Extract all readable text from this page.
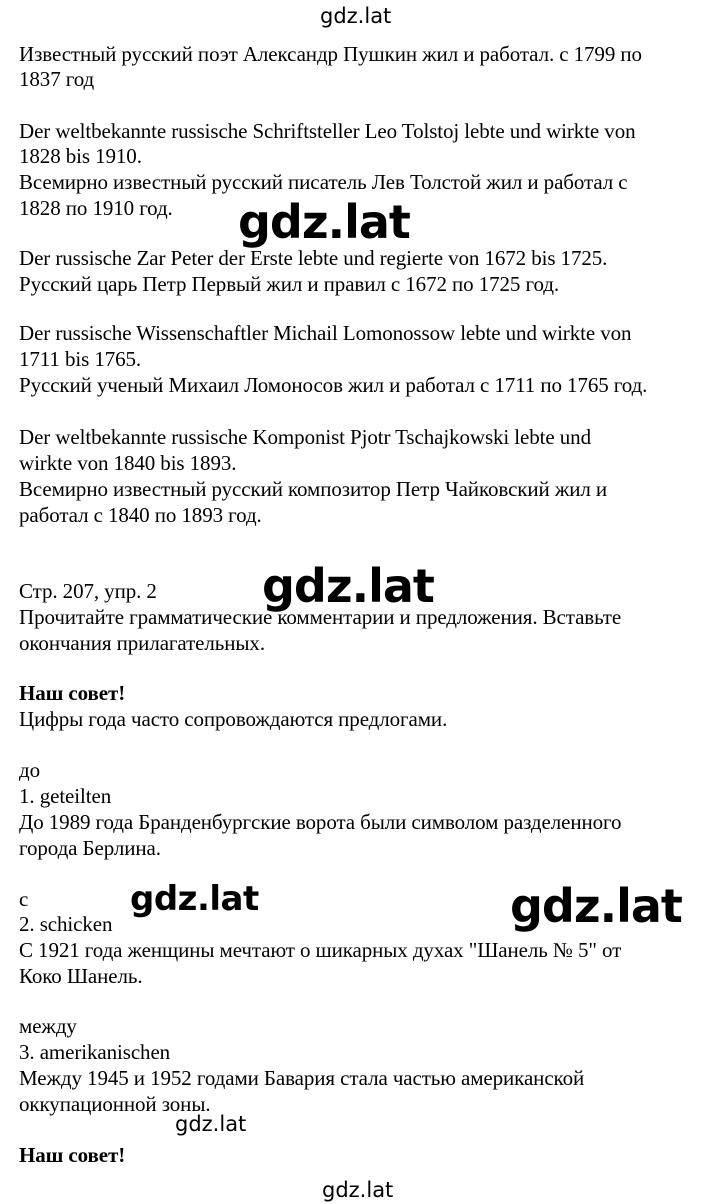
Известный русский поэт Александр Пушкин жил и работал. с 1799 по
1837 год
Der weltbekannte russische Schriftsteller Leo Tolstoj lebte und wirkte von
1828 bis 1910.
Всемирно известный русский писатель Лев Толстой жил и работал с
1828 по 1910 год.
Der russische Zar Peter der Erste lebte und regierte von 1672 bis 1725.
Русский царь Петр Первый жил и правил с 1672 по 1725 год.
Der russische Wissenschaftler Michail Lomonossow lebte und wirkte von
1711 bis 1765.
Русский ученый Михаил Ломоносов жил и работал с 1711 по 1765 год.
Der weltbekannte russische Komponist Pjotr Tschajkowski lebte und
wirkte von 1840 bis 1893.
Всемирно известный русский композитор Петр Чайковский жил и
работал с 1840 по 1893 год.
Стр. 207, упр. 2
Прочитайте грамматические комментарии и предложения. Вставьте
окончания прилагательных.
Наш совет!
Цифры года часто сопровождаются предлогами.
до
1. geteilten
До 1989 года Бранденбургские ворота были символом разделенного
города Берлина.
с
2. schicken
С 1921 года женщины мечтают о шикарных духах "Шанель № 5" от
Коко Шанель.
между
3. amerikanischen
Между 1945 и 1952 годами Бавария стала частью американской
оккупационной зоны.
Наш совет!
gdz.lat
gdz.lat
gdz.lat
gdz.lat	gdz.lat
gdz.lat
gdz.lat
